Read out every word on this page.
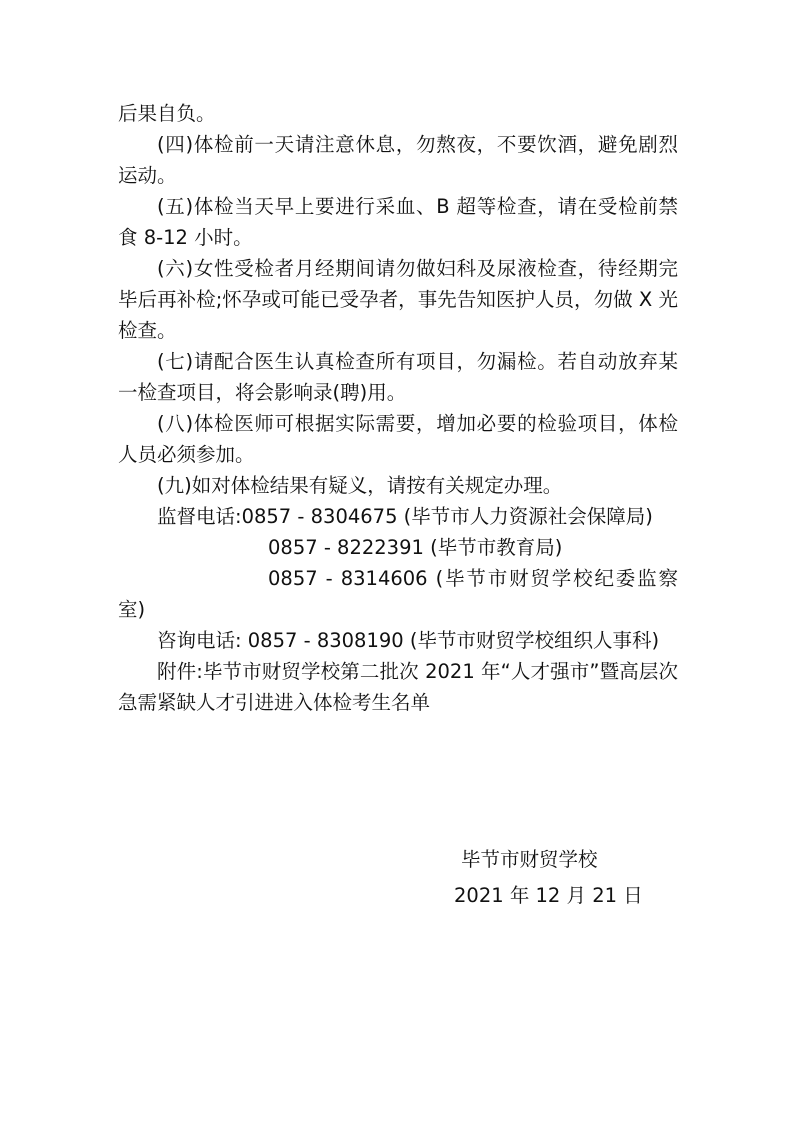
后果自负。

(四)体检前一天请注意休息，勿熬夜，不要饮酒，避免剧烈运动。

(五)体检当天早上要进行采血、B 超等检查，请在受检前禁食 8-12 小时。

(六)女性受检者月经期间请勿做妇科及尿液检查，待经期完毕后再补检;怀孕或可能已受孕者，事先告知医护人员，勿做 X 光检查。

(七)请配合医生认真检查所有项目，勿漏检。若自动放弃某一检查项目，将会影响录(聘)用。

(八)体检医师可根据实际需要，增加必要的检验项目，体检人员必须参加。

(九)如对体检结果有疑义，请按有关规定办理。

监督电话:0857 - 8304675 (毕节市人力资源社会保障局)

0857 - 8222391 (毕节市教育局)

0857 - 8314606 (毕节市财贸学校纪委监察室)

咨询电话: 0857 - 8308190 (毕节市财贸学校组织人事科)

附件:毕节市财贸学校第二批次 2021 年“人才强市”暨高层次急需紧缺人才引进进入体检考生名单

毕节市财贸学校
2021 年 12 月 21 日
